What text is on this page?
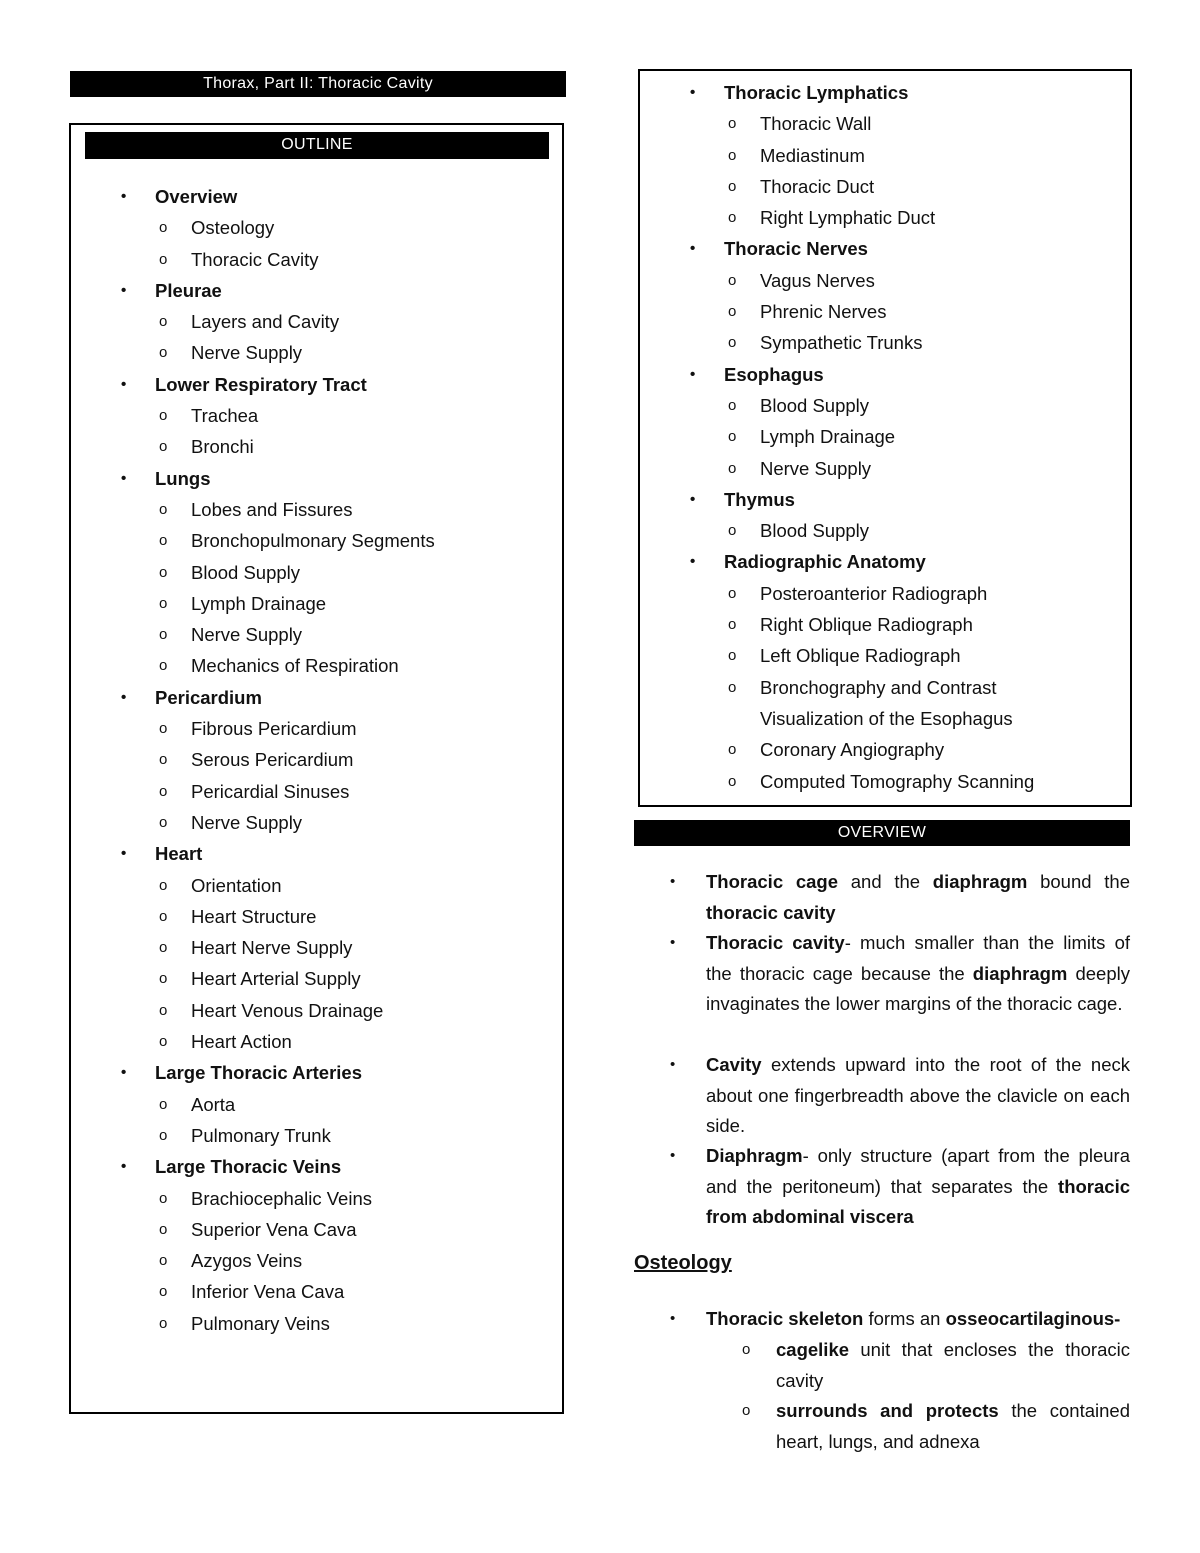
Thorax, Part II: Thoracic Cavity
OUTLINE
• Overview
o Osteology
o Thoracic Cavity
• Pleurae
o Layers and Cavity
o Nerve Supply
• Lower Respiratory Tract
o Trachea
o Bronchi
• Lungs
o Lobes and Fissures
o Bronchopulmonary Segments
o Blood Supply
o Lymph Drainage
o Nerve Supply
o Mechanics of Respiration
• Pericardium
o Fibrous Pericardium
o Serous Pericardium
o Pericardial Sinuses
o Nerve Supply
• Heart
o Orientation
o Heart Structure
o Heart Nerve Supply
o Heart Arterial Supply
o Heart Venous Drainage
o Heart Action
• Large Thoracic Arteries
o Aorta
o Pulmonary Trunk
• Large Thoracic Veins
o Brachiocephalic Veins
o Superior Vena Cava
o Azygos Veins
o Inferior Vena Cava
o Pulmonary Veins
• Thoracic Lymphatics
o Thoracic Wall
o Mediastinum
o Thoracic Duct
o Right Lymphatic Duct
• Thoracic Nerves
o Vagus Nerves
o Phrenic Nerves
o Sympathetic Trunks
• Esophagus
o Blood Supply
o Lymph Drainage
o Nerve Supply
• Thymus
o Blood Supply
• Radiographic Anatomy
o Posteroanterior Radiograph
o Right Oblique Radiograph
o Left Oblique Radiograph
o Bronchography and Contrast Visualization of the Esophagus
o Coronary Angiography
o Computed Tomography Scanning
OVERVIEW
• Thoracic cage and the diaphragm bound the thoracic cavity
• Thoracic cavity- much smaller than the limits of the thoracic cage because the diaphragm deeply invaginates the lower margins of the thoracic cage.
• Cavity extends upward into the root of the neck about one fingerbreadth above the clavicle on each side.
• Diaphragm- only structure (apart from the pleura and the peritoneum) that separates the thoracic from abdominal viscera
Osteology
• Thoracic skeleton forms an osseocartilaginous-
o cagelike unit that encloses the thoracic cavity
o surrounds and protects the contained heart, lungs, and adnexa
